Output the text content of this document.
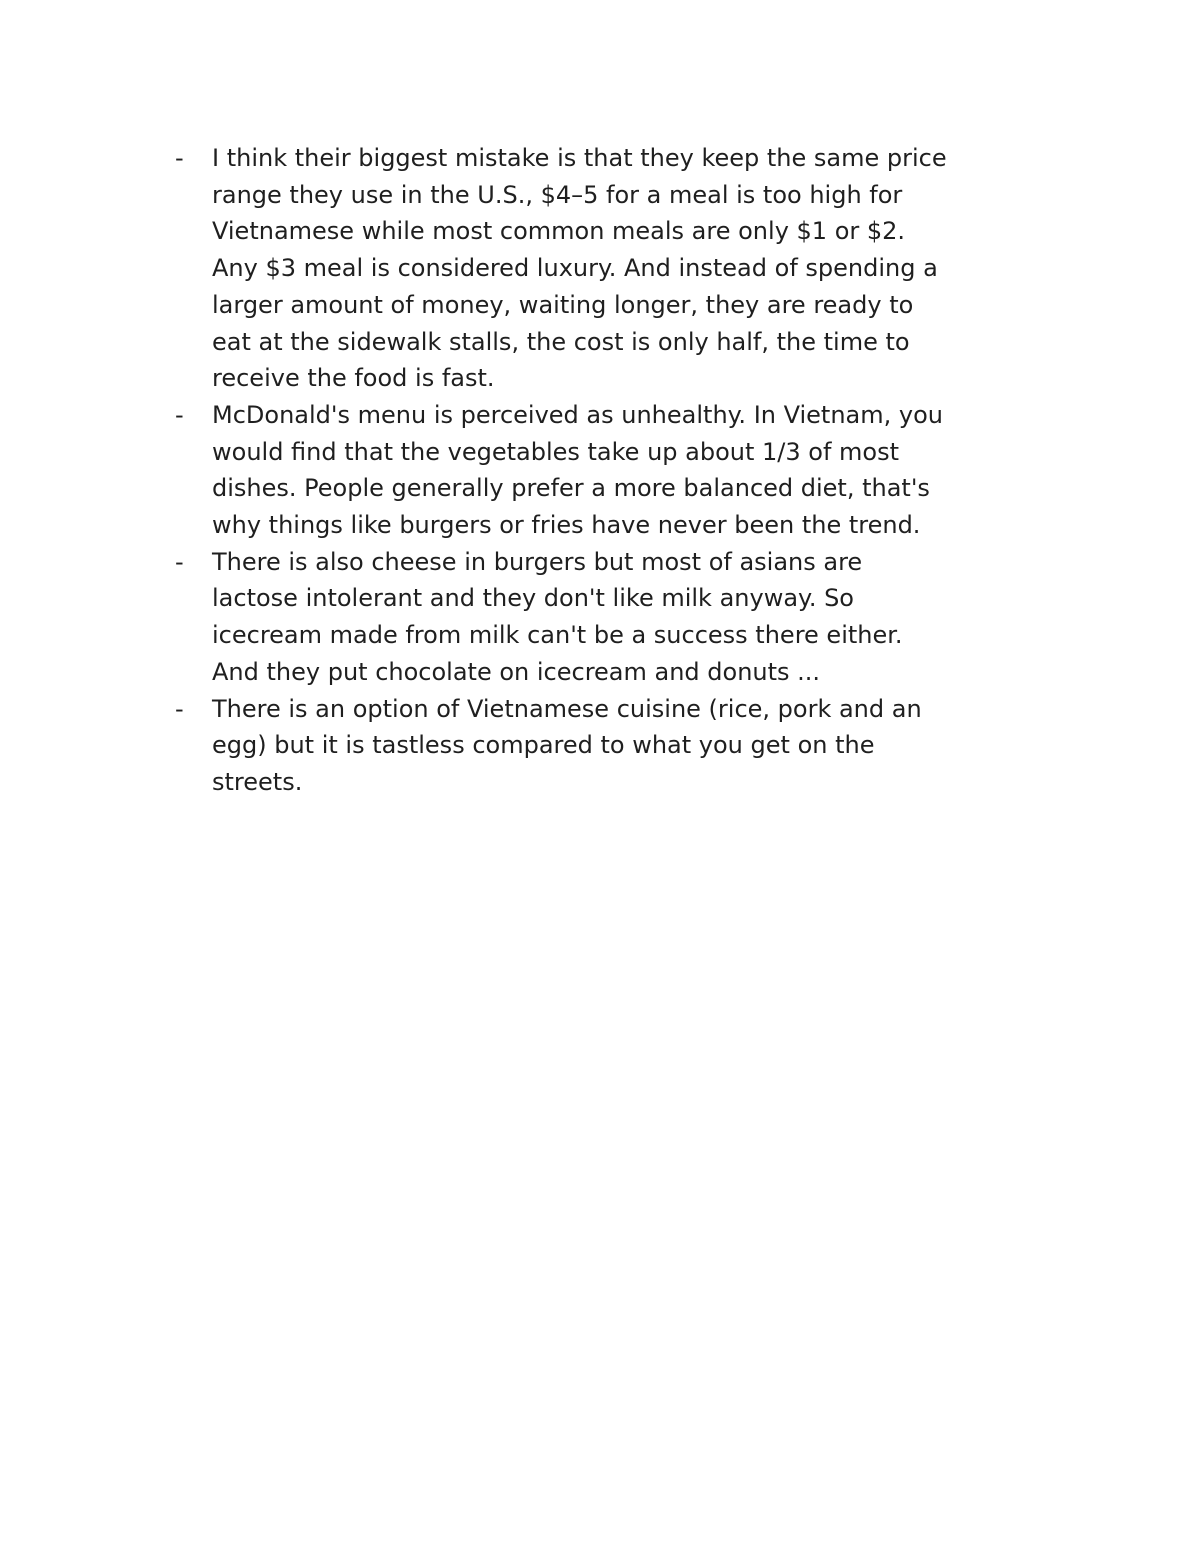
- I think their biggest mistake is that they keep the same price
range they use in the U.S., $4–5 for a meal is too high for
Vietnamese while most common meals are only $1 or $2.
Any $3 meal is considered luxury. And instead of spending a
larger amount of money, waiting longer, they are ready to
eat at the sidewalk stalls, the cost is only half, the time to
receive the food is fast.
- McDonald's menu is perceived as unhealthy. In Vietnam, you
would find that the vegetables take up about 1/3 of most
dishes. People generally prefer a more balanced diet, that's
why things like burgers or fries have never been the trend.
- There is also cheese in burgers but most of asians are
lactose intolerant and they don't like milk anyway. So
icecream made from milk can't be a success there either.
And they put chocolate on icecream and donuts ...
- There is an option of Vietnamese cuisine (rice, pork and an
egg) but it is tastless compared to what you get on the
streets.
